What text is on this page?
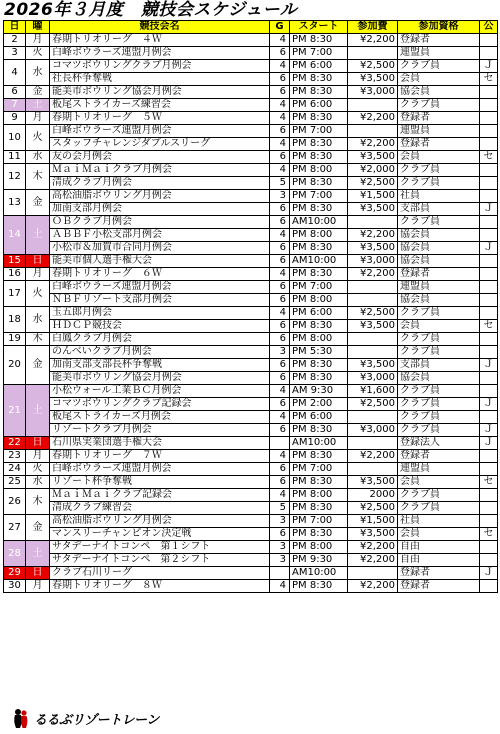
2026年３月度　競技会スケジュール
日	曜	競技会名	G	スタート	参加費	参加資格	公
2	月	春期トリオリーグ　４Ｗ	4	PM 8:30	¥2,200	登録者	
3	火	白峰ボウラーズ連盟月例会	6	PM 7:00		連盟員	
4	水	コマツボウリングクラブ月例会	4	PM 6:00	¥2,500	クラブ員	Ｊ
		社長杯争奪戦	6	PM 8:30	¥3,500	会員	セ
6	金	能美市ボウリング協会月例会	6	PM 8:30	¥3,000	協会員	
7	土	板尾ストライカーズ練習会	4	PM 6:00		クラブ員	
9	月	春期トリオリーグ　５Ｗ	4	PM 8:30	¥2,200	登録者	
10	火	白峰ボウラーズ連盟月例会	6	PM 7:00		連盟員	
		スタッフチャレンジダブルスリーグ	4	PM 8:30	¥2,200	登録者	
11	水	友の会月例会	6	PM 8:30	¥3,500	会員	セ
12	木	ＭａｉＭａｉクラブ月例会	4	PM 8:00	¥2,000	クラブ員	
		清成クラブ月例会	5	PM 8:30	¥2,500	クラブ員	
13	金	高松油脂ボウリング月例会	3	PM 7:00	¥1,500	社員	
		加南支部月例会	6	PM 8:30	¥3,500	支部員	Ｊ
14	土	ＯＢクラブ月例会	6	AM10:00		クラブ員	
		ＡＢＢＦ小松支部月例会	4	PM 8:00	¥2,200	協会員	
		小松市＆加賀市合同月例会	6	PM 8:30	¥3,500	協会員	Ｊ
15	日	能美市個人選手権大会	6	AM10:00	¥3,000	協会員	
16	月	春期トリオリーグ　６Ｗ	4	PM 8:30	¥2,200	登録者	
17	火	白峰ボウラーズ連盟月例会	6	PM 7:00		連盟員	
		ＮＢＦリゾート支部月例会	6	PM 8:00		協会員	
18	水	玉五郎月例会	4	PM 6:00	¥2,500	クラブ員	
		ＨＤＣＰ競技会	6	PM 8:30	¥3,500	会員	セ
19	木	白鳳クラブ月例会	6	PM 8:00		クラブ員	
20	金	のんべいクラブ月例会	3	PM 5:30		クラブ員	
		加南支部支部長杯争奪戦	6	PM 8:30	¥3,500	支部員	Ｊ
		能美市ボウリング協会月例会	6	PM 8:30	¥3,000	協会員	
21	土	小松ウォール工業ＢＣ月例会	4	AM 9:30	¥1,600	クラブ員	
		コマツボウリングクラブ記録会	6	PM 2:00	¥2,500	クラブ員	Ｊ
		板尾ストライカーズ月例会	4	PM 6:00		クラブ員	
		リゾートクラブ月例会	6	PM 8:30	¥3,000	クラブ員	Ｊ
22	日	石川県実業団選手権大会		AM10:00		登録法人	Ｊ
23	月	春期トリオリーグ　７Ｗ	4	PM 8:30	¥2,200	登録者	
24	火	白峰ボウラーズ連盟月例会	6	PM 7:00		連盟員	
25	水	リゾート杯争奪戦	6	PM 8:30	¥3,500	会員	セ
26	木	ＭａｉＭａｉクラブ記録会	4	PM 8:00	2000	クラブ員	
		清成クラブ練習会	5	PM 8:30	¥2,500	クラブ員	
27	金	高松油脂ボウリング月例会	3	PM 7:00	¥1,500	社員	
		マンスリーチャンピオン決定戦	6	PM 8:30	¥3,500	会員	セ
28	土	サタデーナイトコンペ　第１シフト	3	PM 8:00	¥2,200	自由	
		サタデーナイトコンペ　第２シフト	3	PM 9:30	¥2,200	自由	
29	日	クラブ石川リーグ		AM10:00		登録者	Ｊ
30	月	春期トリオリーグ　８Ｗ	4	PM 8:30	¥2,200	登録者	
るるぶリゾートレーン
